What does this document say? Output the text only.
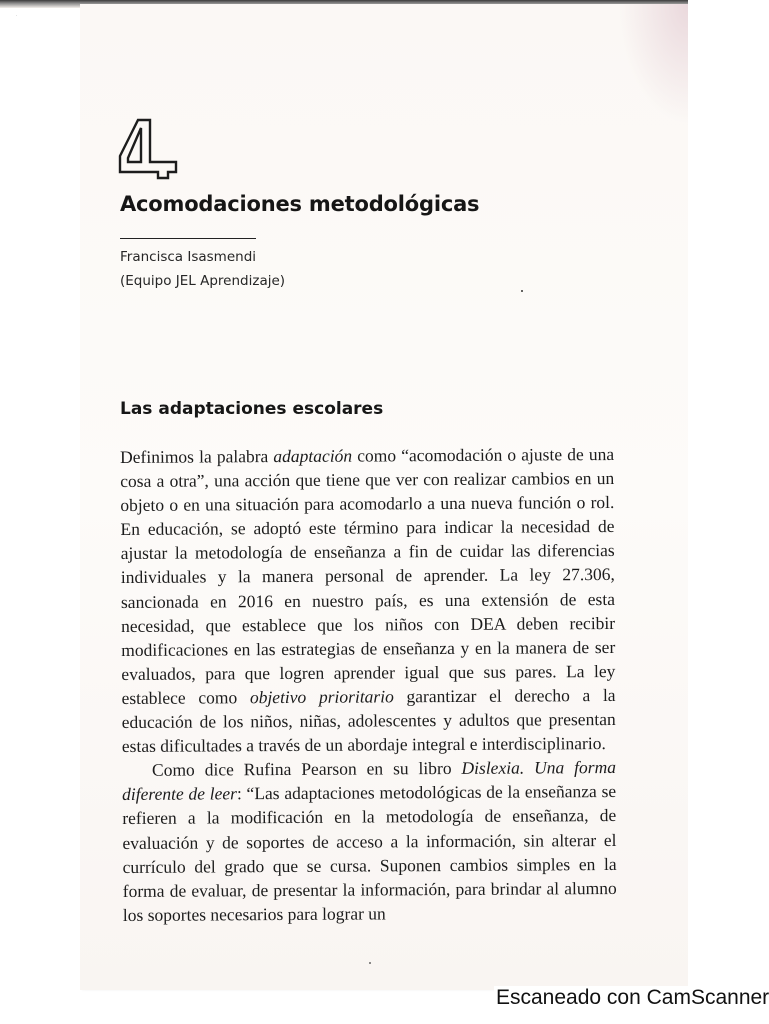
4
Acomodaciones metodológicas
Francisca Isasmendi
(Equipo JEL Aprendizaje)
Las adaptaciones escolares

Definimos la palabra adaptación como “acomodación o ajuste de una cosa a otra”, una acción que tiene que ver con realizar cambios en un objeto o en una situación para acomodarlo a una nueva función o rol. En educación, se adoptó este término para indicar la necesidad de ajustar la metodología de enseñanza a fin de cuidar las diferencias individuales y la manera personal de aprender. La ley 27.306, sancionada en 2016 en nuestro país, es una extensión de esta necesidad, que establece que los niños con DEA deben recibir modificaciones en las estrategias de enseñanza y en la manera de ser evaluados, para que logren aprender igual que sus pares. La ley establece como objetivo prioritario garantizar el derecho a la educación de los niños, niñas, adolescentes y adultos que presentan estas dificultades a través de un abordaje integral e interdisciplinario.

Como dice Rufina Pearson en su libro Dislexia. Una forma diferente de leer: “Las adaptaciones metodológicas de la enseñanza se refieren a la modificación en la metodología de enseñanza, de evaluación y de soportes de acceso a la información, sin alterar el currículo del grado que se cursa. Suponen cambios simples en la forma de evaluar, de presentar la información, para brindar al alumno los soportes necesarios para lograr un

Escaneado con CamScanner
